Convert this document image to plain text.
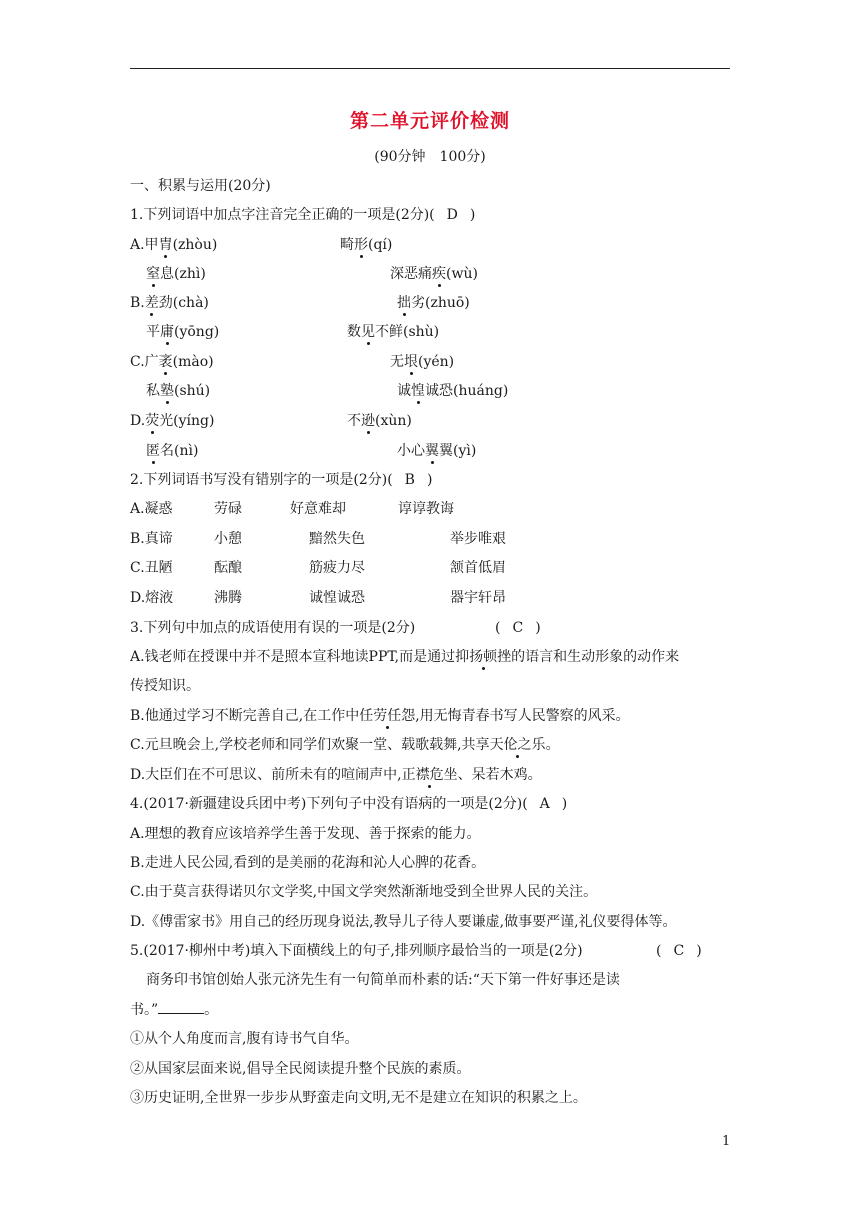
第二单元评价检测
(90分钟　100分)
一、积累与运用(20分)
1.下列词语中加点字注音完全正确的一项是(2分)( D )
A.甲胄(zhòu)	畸形(qí)
窒息(zhì)	深恶痛疾(wù)
B.差劲(chà)	拙劣(zhuō)
平庸(yōng)	数见不鲜(shù)
C.广袤(mào)	无垠(yén)
私塾(shú)	诚惶诚恐(huáng)
D.荧光(yíng)	不逊(xùn)
匿名(nì)	小心翼翼(yì)
2.下列词语书写没有错别字的一项是(2分)( B )
A.凝惑	劳碌	好意难却	谆谆教诲
B.真谛	小憩	黯然失色	举步唯艰
C.丑陋	酝酿	筋疲力尽	颔首低眉
D.熔液	沸腾	诚惶诚恐	器宇轩昂
3.下列句中加点的成语使用有误的一项是(2分)	( C )
A.钱老师在授课中并不是照本宣科地读PPT,而是通过抑扬顿挫的语言和生动形象的动作来
传授知识。
B.他通过学习不断完善自己,在工作中任劳任怨,用无悔青春书写人民警察的风采。
C.元旦晚会上,学校老师和同学们欢聚一堂、载歌载舞,共享天伦之乐。
D.大臣们在不可思议、前所未有的喧闹声中,正襟危坐、呆若木鸡。
4.(2017·新疆建设兵团中考)下列句子中没有语病的一项是(2分)( A )
A.理想的教育应该培养学生善于发现、善于探索的能力。
B.走进人民公园,看到的是美丽的花海和沁人心脾的花香。
C.由于莫言获得诺贝尔文学奖,中国文学突然渐渐地受到全世界人民的关注。
D.《傅雷家书》用自己的经历现身说法,教导儿子待人要谦虚,做事要严谨,礼仪要得体等。
5.(2017·柳州中考)填入下面横线上的句子,排列顺序最恰当的一项是(2分)	( C )
商务印书馆创始人张元济先生有一句简单而朴素的话:“天下第一件好事还是读
书。”	。
①从个人角度而言,腹有诗书气自华。
②从国家层面来说,倡导全民阅读提升整个民族的素质。
③历史证明,全世界一步步从野蛮走向文明,无不是建立在知识的积累之上。
1
